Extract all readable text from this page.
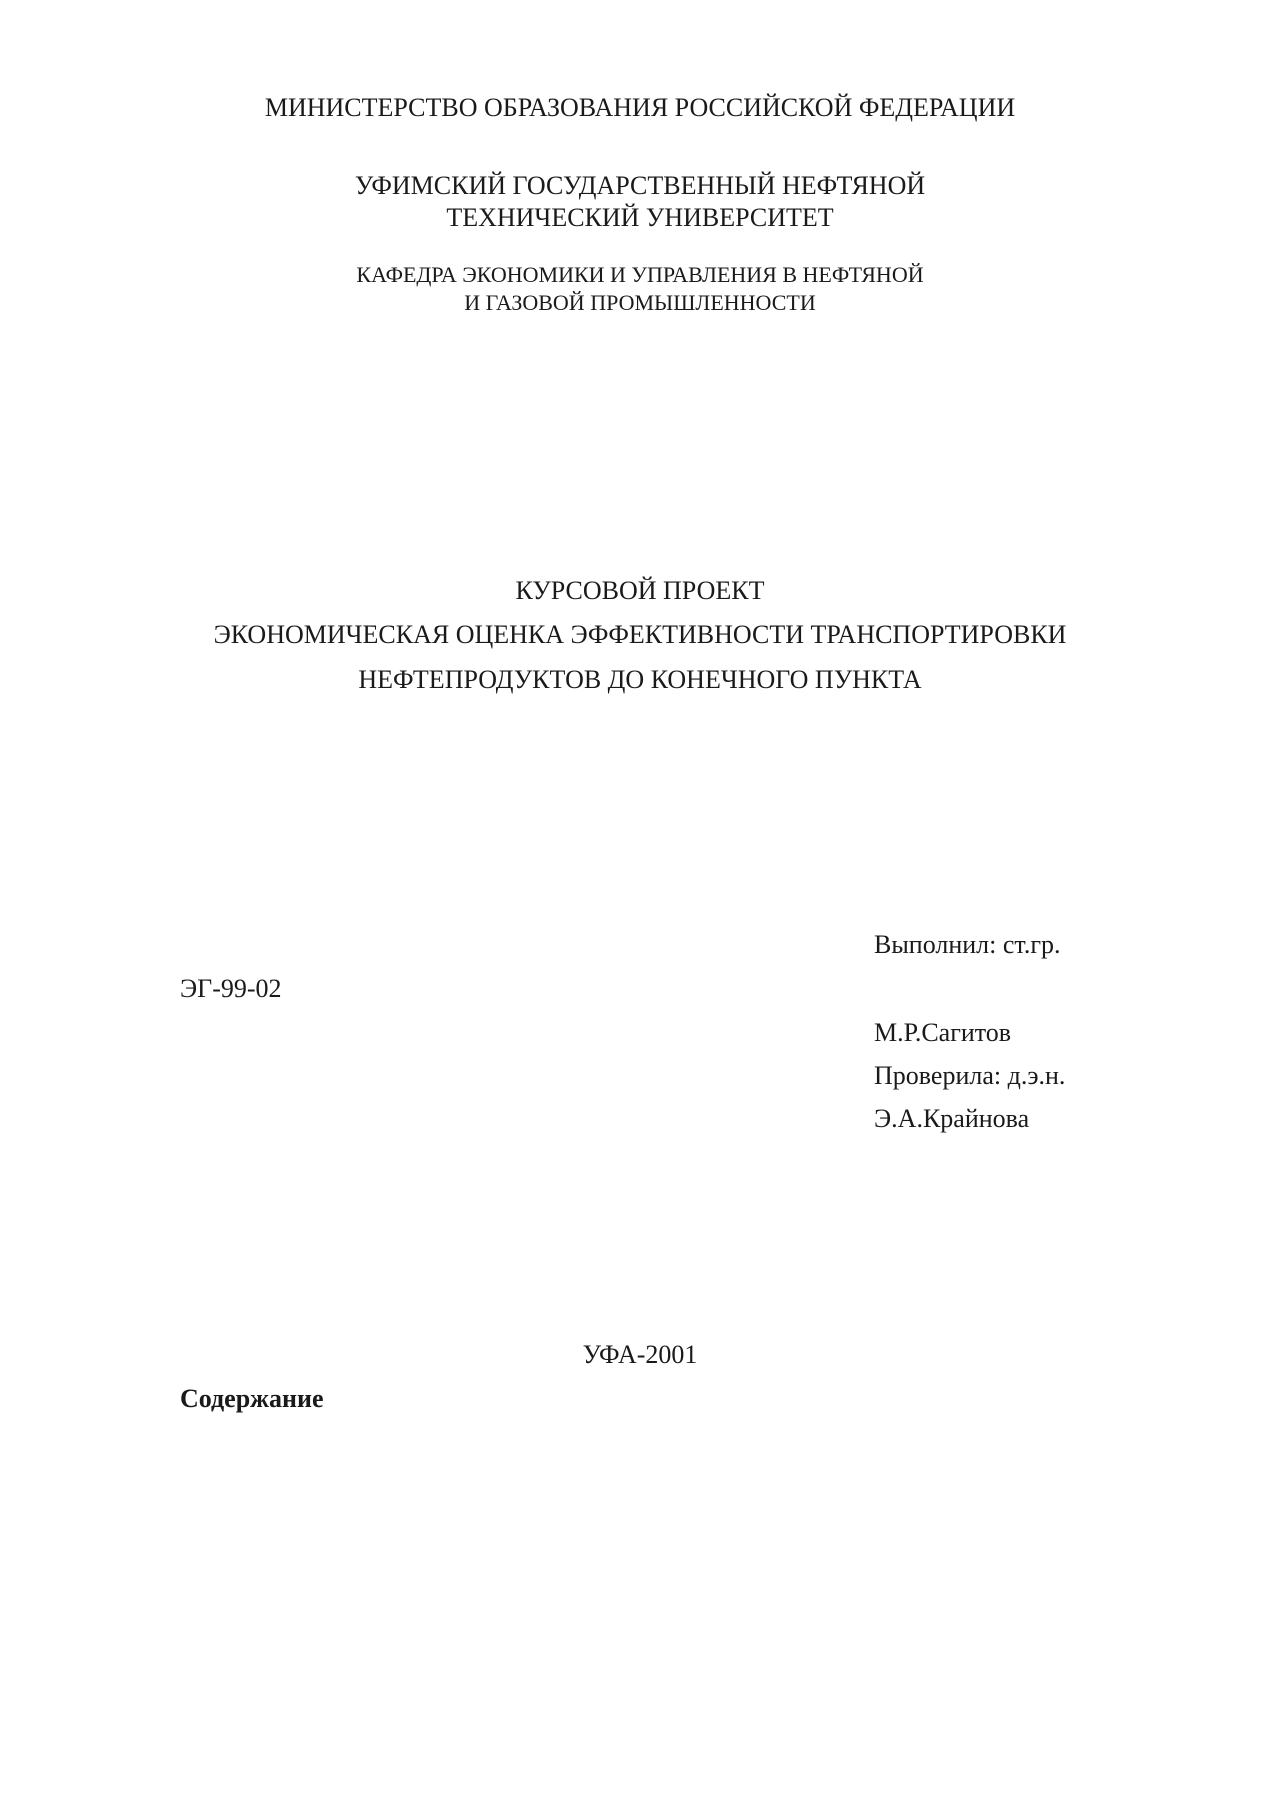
МИНИСТЕРСТВО ОБРАЗОВАНИЯ РОССИЙСКОЙ ФЕДЕРАЦИИ
УФИМСКИЙ ГОСУДАРСТВЕННЫЙ НЕФТЯНОЙ
ТЕХНИЧЕСКИЙ УНИВЕРСИТЕТ
КАФЕДРА ЭКОНОМИКИ И УПРАВЛЕНИЯ В НЕФТЯНОЙ
И ГАЗОВОЙ ПРОМЫШЛЕННОСТИ
КУРСОВОЙ ПРОЕКТ
ЭКОНОМИЧЕСКАЯ ОЦЕНКА ЭФФЕКТИВНОСТИ ТРАНСПОРТИРОВКИ
НЕФТЕПРОДУКТОВ ДО КОНЕЧНОГО ПУНКТА
Выполнил: ст.гр.
ЭГ-99-02
М.Р.Сагитов
Проверила: д.э.н.
Э.А.Крайнова
УФА-2001
Содержание
